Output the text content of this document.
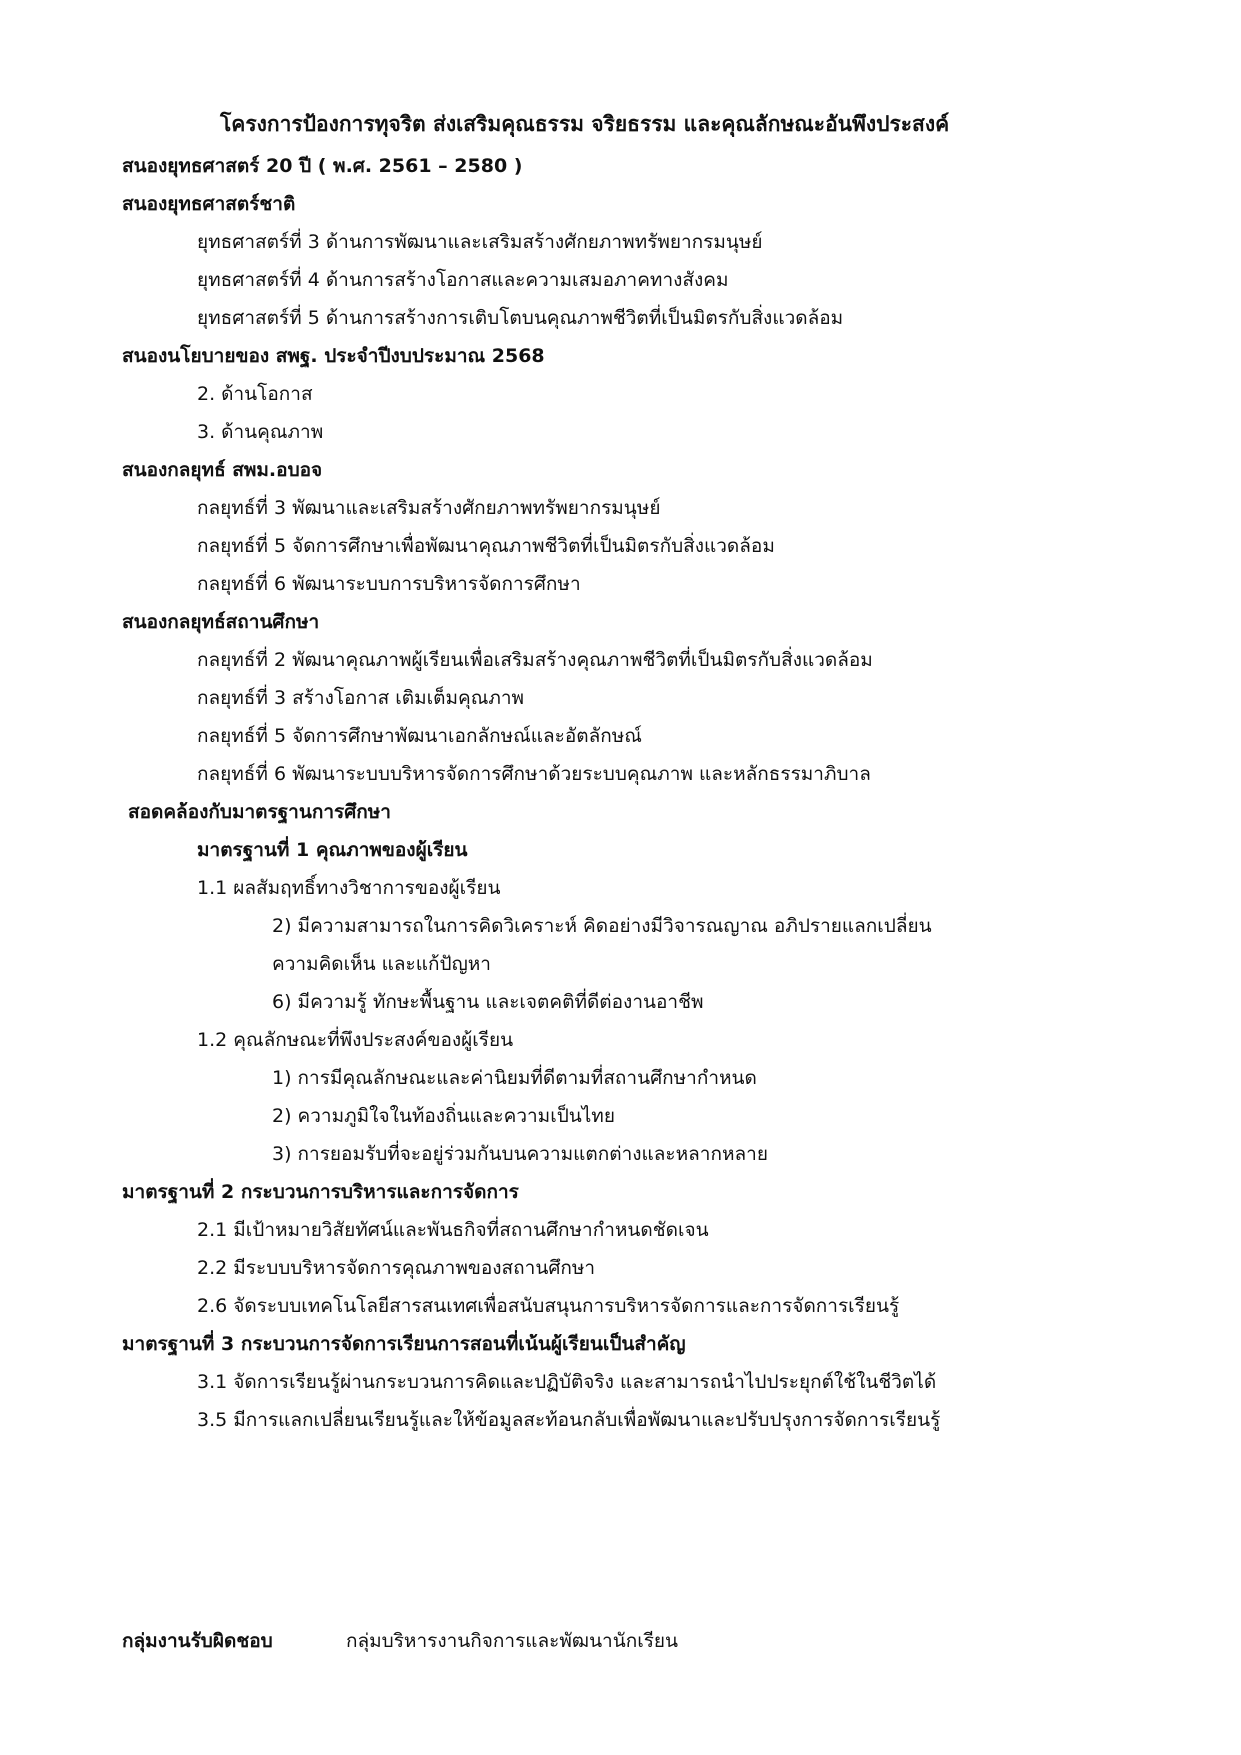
โครงการป้องการทุจริต ส่งเสริมคุณธรรม จริยธรรม และคุณลักษณะอันพึงประสงค์
สนองยุทธศาสตร์ 20 ปี ( พ.ศ. 2561 – 2580 )
สนองยุทธศาสตร์ชาติ
ยุทธศาสตร์ที่ 3 ด้านการพัฒนาและเสริมสร้างศักยภาพทรัพยากรมนุษย์
ยุทธศาสตร์ที่ 4 ด้านการสร้างโอกาสและความเสมอภาคทางสังคม
ยุทธศาสตร์ที่ 5 ด้านการสร้างการเติบโตบนคุณภาพชีวิตที่เป็นมิตรกับสิ่งแวดล้อม
สนองนโยบายของ สพฐ. ประจำปีงบประมาณ 2568
2. ด้านโอกาส
3. ด้านคุณภาพ
สนองกลยุทธ์ สพม.อบอจ
กลยุทธ์ที่ 3 พัฒนาและเสริมสร้างศักยภาพทรัพยากรมนุษย์
กลยุทธ์ที่ 5 จัดการศึกษาเพื่อพัฒนาคุณภาพชีวิตที่เป็นมิตรกับสิ่งแวดล้อม
กลยุทธ์ที่ 6 พัฒนาระบบการบริหารจัดการศึกษา
สนองกลยุทธ์สถานศึกษา
กลยุทธ์ที่ 2 พัฒนาคุณภาพผู้เรียนเพื่อเสริมสร้างคุณภาพชีวิตที่เป็นมิตรกับสิ่งแวดล้อม
กลยุทธ์ที่ 3 สร้างโอกาส เติมเต็มคุณภาพ
กลยุทธ์ที่ 5 จัดการศึกษาพัฒนาเอกลักษณ์และอัตลักษณ์
กลยุทธ์ที่ 6 พัฒนาระบบบริหารจัดการศึกษาด้วยระบบคุณภาพ และหลักธรรมาภิบาล
สอดคล้องกับมาตรฐานการศึกษา
มาตรฐานที่ 1 คุณภาพของผู้เรียน
1.1 ผลสัมฤทธิ์ทางวิชาการของผู้เรียน
2) มีความสามารถในการคิดวิเคราะห์ คิดอย่างมีวิจารณญาณ อภิปรายแลกเปลี่ยน
ความคิดเห็น และแก้ปัญหา
6) มีความรู้ ทักษะพื้นฐาน และเจตคติที่ดีต่องานอาชีพ
1.2 คุณลักษณะที่พึงประสงค์ของผู้เรียน
1) การมีคุณลักษณะและค่านิยมที่ดีตามที่สถานศึกษากำหนด
2) ความภูมิใจในท้องถิ่นและความเป็นไทย
3) การยอมรับที่จะอยู่ร่วมกันบนความแตกต่างและหลากหลาย
มาตรฐานที่ 2 กระบวนการบริหารและการจัดการ
2.1 มีเป้าหมายวิสัยทัศน์และพันธกิจที่สถานศึกษากำหนดชัดเจน
2.2 มีระบบบริหารจัดการคุณภาพของสถานศึกษา
2.6 จัดระบบเทคโนโลยีสารสนเทศเพื่อสนับสนุนการบริหารจัดการและการจัดการเรียนรู้
มาตรฐานที่ 3 กระบวนการจัดการเรียนการสอนที่เน้นผู้เรียนเป็นสำคัญ
3.1 จัดการเรียนรู้ผ่านกระบวนการคิดและปฏิบัติจริง และสามารถนำไปประยุกต์ใช้ในชีวิตได้
3.5 มีการแลกเปลี่ยนเรียนรู้และให้ข้อมูลสะท้อนกลับเพื่อพัฒนาและปรับปรุงการจัดการเรียนรู้
กลุ่มงานรับผิดชอบ	กลุ่มบริหารงานกิจการและพัฒนานักเรียน
